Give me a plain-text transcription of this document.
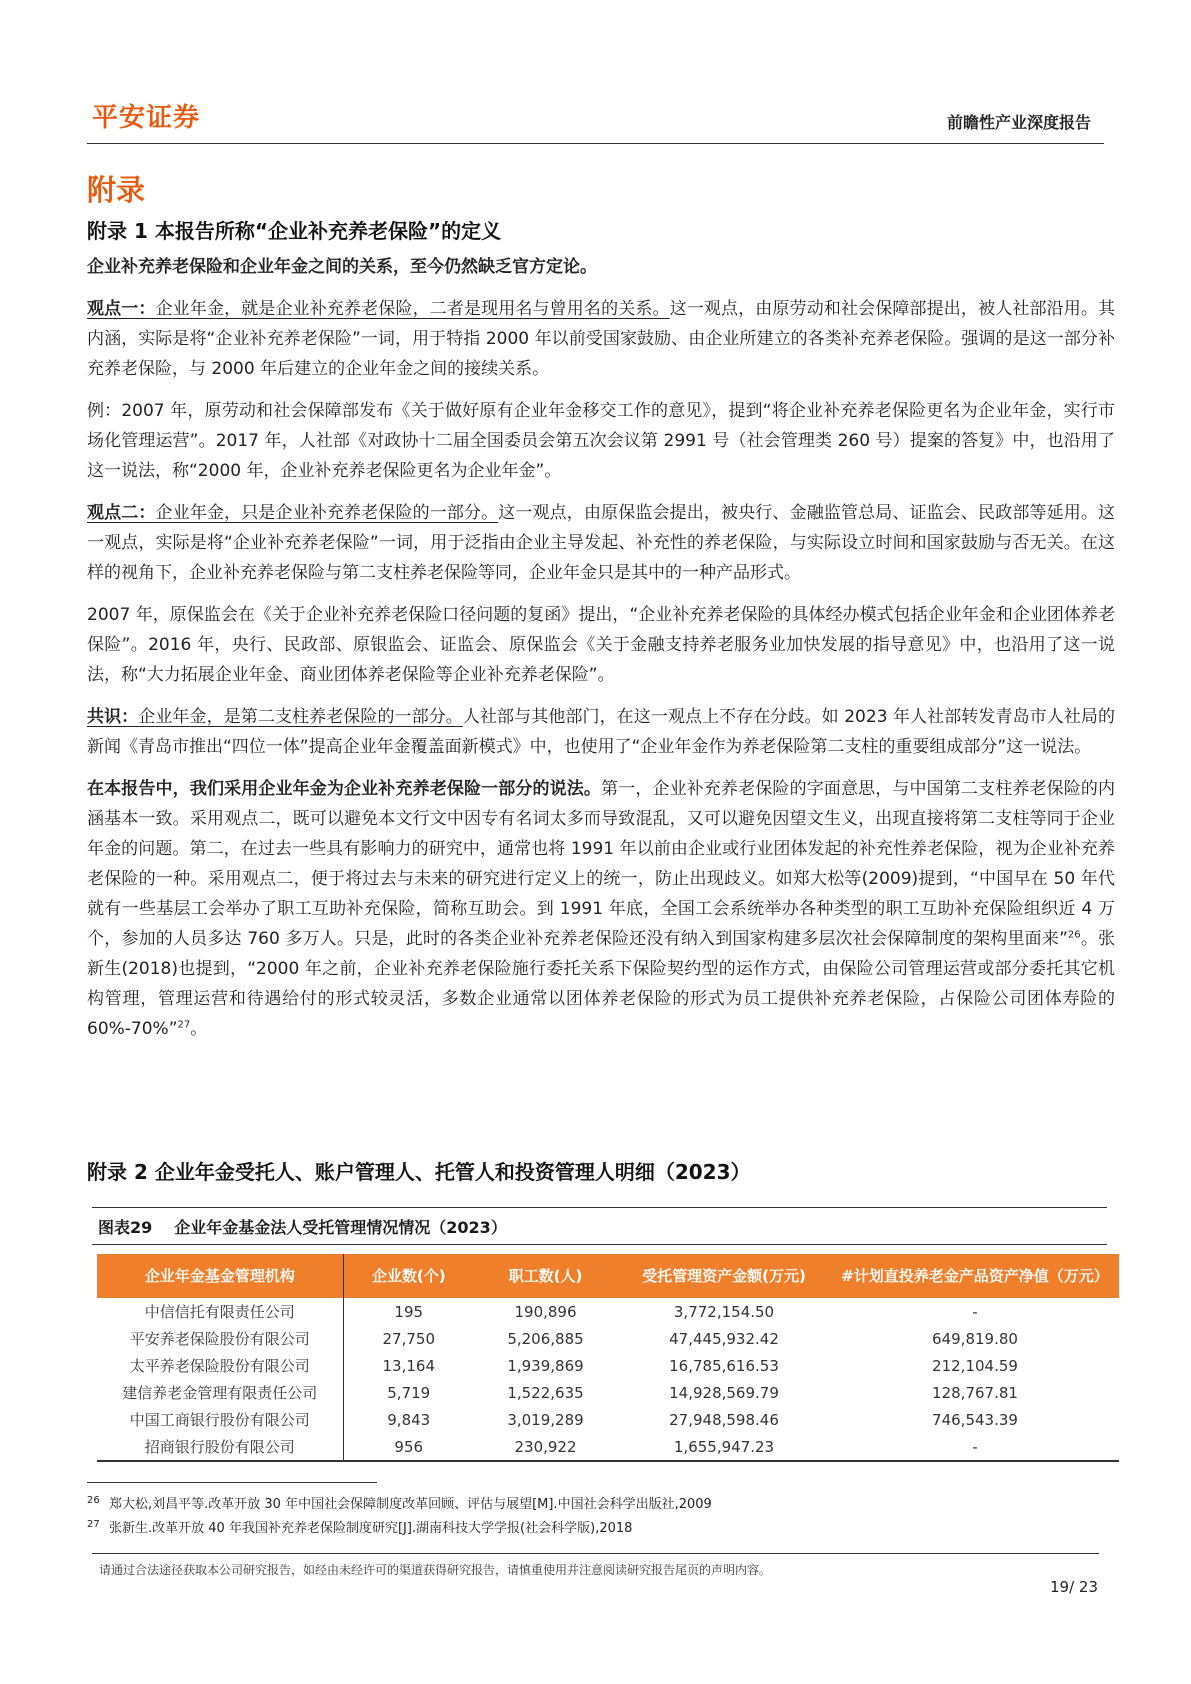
平安证券	前瞻性产业深度报告
附录
附录 1 本报告所称“企业补充养老保险”的定义

企业补充养老保险和企业年金之间的关系，至今仍然缺乏官方定论。

观点一：企业年金，就是企业补充养老保险，二者是现用名与曾用名的关系。这一观点，由原劳动和社会保障部提出，被人社部沿用。其内涵，实际是将“企业补充养老保险”一词，用于特指 2000 年以前受国家鼓励、由企业所建立的各类补充养老保险。强调的是这一部分补充养老保险，与 2000 年后建立的企业年金之间的接续关系。

例：2007 年，原劳动和社会保障部发布《关于做好原有企业年金移交工作的意见》，提到“将企业补充养老保险更名为企业年金，实行市场化管理运营”。2017 年，人社部《对政协十二届全国委员会第五次会议第 2991 号（社会管理类 260 号）提案的答复》中，也沿用了这一说法，称“2000 年，企业补充养老保险更名为企业年金”。

观点二：企业年金，只是企业补充养老保险的一部分。这一观点，由原保监会提出，被央行、金融监管总局、证监会、民政部等延用。这一观点，实际是将“企业补充养老保险”一词，用于泛指由企业主导发起、补充性的养老保险，与实际设立时间和国家鼓励与否无关。在这样的视角下，企业补充养老保险与第二支柱养老保险等同，企业年金只是其中的一种产品形式。

2007 年，原保监会在《关于企业补充养老保险口径问题的复函》提出，“企业补充养老保险的具体经办模式包括企业年金和企业团体养老保险”。2016 年，央行、民政部、原银监会、证监会、原保监会《关于金融支持养老服务业加快发展的指导意见》中，也沿用了这一说法，称“大力拓展企业年金、商业团体养老保险等企业补充养老保险”。

共识：企业年金，是第二支柱养老保险的一部分。人社部与其他部门，在这一观点上不存在分歧。如 2023 年人社部转发青岛市人社局的新闻《青岛市推出“四位一体”提高企业年金覆盖面新模式》中，也使用了“企业年金作为养老保险第二支柱的重要组成部分”这一说法。

在本报告中，我们采用企业年金为企业补充养老保险一部分的说法。第一，企业补充养老保险的字面意思，与中国第二支柱养老保险的内涵基本一致。采用观点二，既可以避免本文行文中因专有名词太多而导致混乱，又可以避免因望文生义，出现直接将第二支柱等同于企业年金的问题。第二，在过去一些具有影响力的研究中，通常也将 1991 年以前由企业或行业团体发起的补充性养老保险，视为企业补充养老保险的一种。采用观点二，便于将过去与未来的研究进行定义上的统一，防止出现歧义。如郑大松等(2009)提到，“中国早在 50 年代就有一些基层工会举办了职工互助补充保险，简称互助会。到 1991 年底，全国工会系统举办各种类型的职工互助补充保险组织近 4 万个，参加的人员多达 760 多万人。只是，此时的各类企业补充养老保险还没有纳入到国家构建多层次社会保障制度的架构里面来”$^{26}$。张新生(2018)也提到，“2000 年之前，企业补充养老保险施行委托关系下保险契约型的运作方式，由保险公司管理运营或部分委托其它机构管理，管理运营和待遇给付的形式较灵活，多数企业通常以团体养老保险的形式为员工提供补充养老保险，占保险公司团体寿险的 60%-70%”$^{27}$。

附录 2 企业年金受托人、账户管理人、托管人和投资管理人明细（2023）
图表29 企业年金基金法人受托管理情况情况（2023）
企业年金基金管理机构	企业数(个)	职工数(人)	受托管理资产金额(万元)	#计划直投养老金产品资产净值（万元）
中信信托有限责任公司	195	190,896	3,772,154.50	-
平安养老保险股份有限公司	27,750	5,206,885	47,445,932.42	649,819.80
太平养老保险股份有限公司	13,164	1,939,869	16,785,616.53	212,104.59
建信养老金管理有限责任公司	5,719	1,522,635	14,928,569.79	128,767.81
中国工商银行股份有限公司	9,843	3,019,289	27,948,598.46	746,543.39
招商银行股份有限公司	956	230,922	1,655,947.23	-
26 郑大松,刘昌平等.改革开放 30 年中国社会保障制度改革回顾、评估与展望[M].中国社会科学出版社,2009
27 张新生.改革开放 40 年我国补充养老保险制度研究[J].湖南科技大学学报(社会科学版),2018
请通过合法途径获取本公司研究报告，如经由未经许可的渠道获得研究报告，请慎重使用并注意阅读研究报告尾页的声明内容。
19/ 23
